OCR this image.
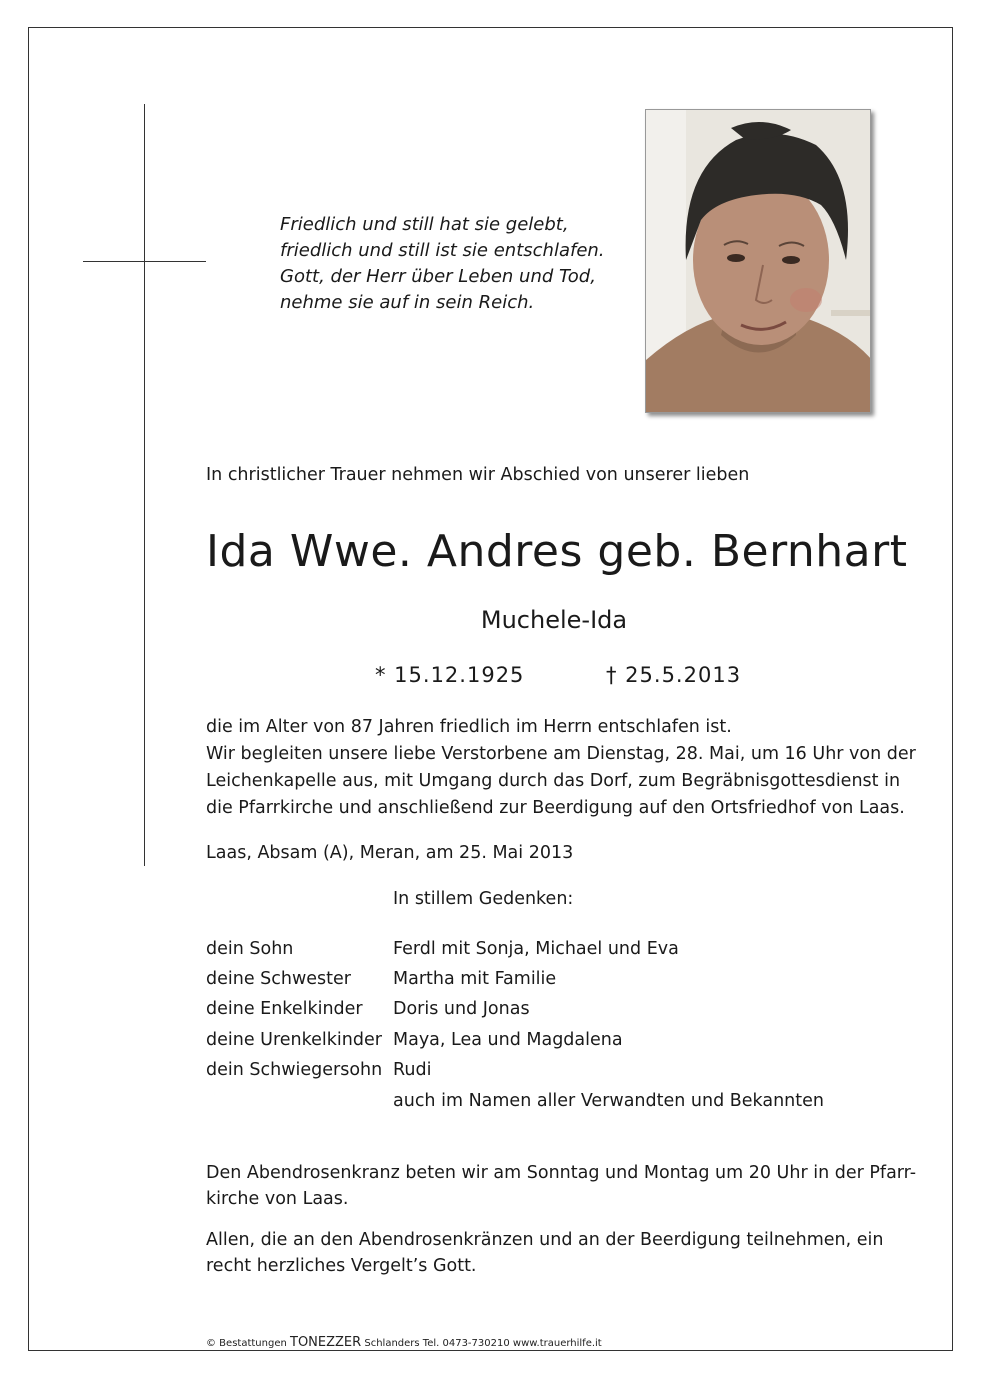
Friedlich und still hat sie gelebt,
friedlich und still ist sie entschlafen.
Gott, der Herr über Leben und Tod,
nehme sie auf in sein Reich.
In christlicher Trauer nehmen wir Abschied von unserer lieben
Ida Wwe. Andres geb. Bernhart
Muchele-Ida
* 15.12.1925	† 25.5.2013
die im Alter von 87 Jahren friedlich im Herrn entschlafen ist.
Wir begleiten unsere liebe Verstorbene am Dienstag, 28. Mai, um 16 Uhr von der
Leichenkapelle aus, mit Umgang durch das Dorf, zum Begräbnisgottesdienst in
die Pfarrkirche und anschließend zur Beerdigung auf den Ortsfriedhof von Laas.
Laas, Absam (A), Meran, am 25. Mai 2013
In stillem Gedenken:
dein Sohn	Ferdl mit Sonja, Michael und Eva
deine Schwester Martha mit Familie
deine Enkelkinder Doris und Jonas
deine Urenkelkinder Maya, Lea und Magdalena
dein Schwiegersohn Rudi
auch im Namen aller Verwandten und Bekannten
Den Abendrosenkranz beten wir am Sonntag und Montag um 20 Uhr in der Pfarr-
kirche von Laas.
Allen, die an den Abendrosenkränzen und an der Beerdigung teilnehmen, ein
recht herzliches Vergelt’s Gott.
© Bestattungen TONEZZER Schlanders Tel. 0473-730210 www.trauerhilfe.it
